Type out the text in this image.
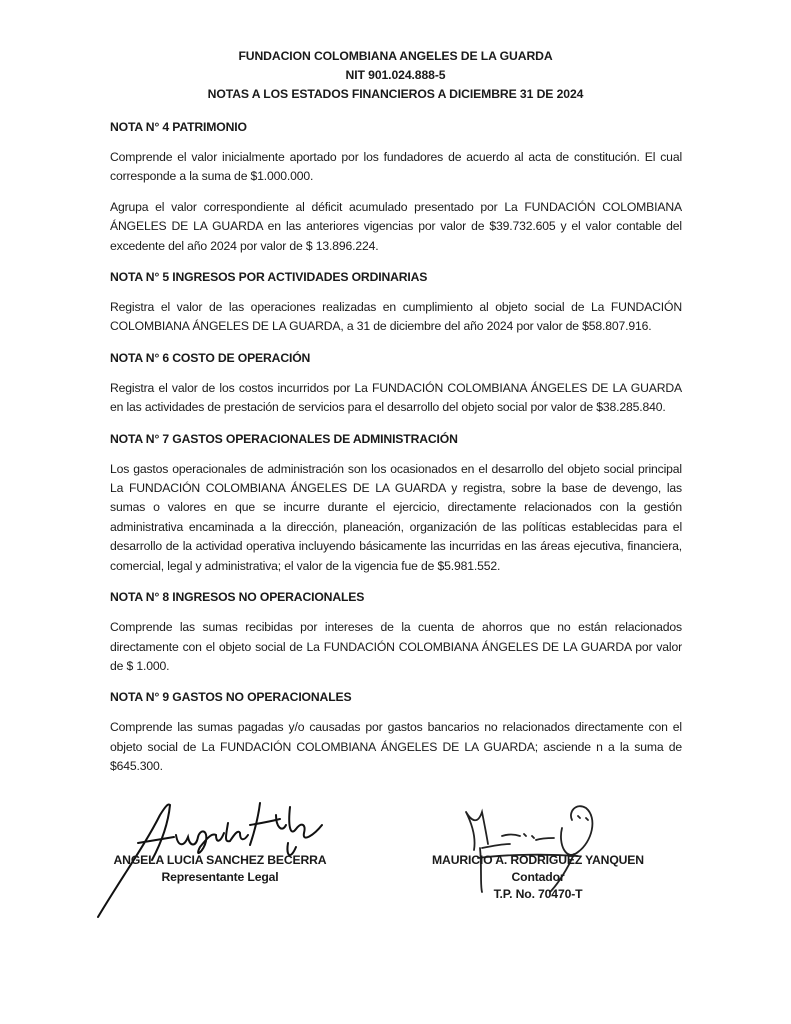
FUNDACION COLOMBIANA ANGELES DE LA GUARDA
NIT 901.024.888-5
NOTAS A LOS ESTADOS FINANCIEROS A DICIEMBRE 31 DE 2024
NOTA N° 4 PATRIMONIO

Comprende el valor inicialmente aportado por los fundadores de acuerdo al acta de constitución. El cual corresponde a la suma de $1.000.000.

Agrupa el valor correspondiente al déficit acumulado presentado por La FUNDACIÓN COLOMBIANA ÁNGELES DE LA GUARDA en las anteriores vigencias por valor de $39.732.605 y el valor contable del excedente del año 2024 por valor de $ 13.896.224.

NOTA N° 5 INGRESOS POR ACTIVIDADES ORDINARIAS

Registra el valor de las operaciones realizadas en cumplimiento al objeto social de La FUNDACIÓN COLOMBIANA ÁNGELES DE LA GUARDA, a 31 de diciembre del año 2024 por valor de $58.807.916.

NOTA N° 6 COSTO DE OPERACIÓN

Registra el valor de los costos incurridos por La FUNDACIÓN COLOMBIANA ÁNGELES DE LA GUARDA en las actividades de prestación de servicios para el desarrollo del objeto social por valor de $38.285.840.

NOTA N° 7 GASTOS OPERACIONALES DE ADMINISTRACIÓN

Los gastos operacionales de administración son los ocasionados en el desarrollo del objeto social principal La FUNDACIÓN COLOMBIANA ÁNGELES DE LA GUARDA y registra, sobre la base de devengo, las sumas o valores en que se incurre durante el ejercicio, directamente relacionados con la gestión administrativa encaminada a la dirección, planeación, organización de las políticas establecidas para el desarrollo de la actividad operativa incluyendo básicamente las incurridas en las áreas ejecutiva, financiera, comercial, legal y administrativa; el valor de la vigencia fue de $5.981.552.

NOTA N° 8 INGRESOS NO OPERACIONALES

Comprende las sumas recibidas por intereses de la cuenta de ahorros que no están relacionados directamente con el objeto social de La FUNDACIÓN COLOMBIANA ÁNGELES DE LA GUARDA por valor de $ 1.000.

NOTA N° 9 GASTOS NO OPERACIONALES

Comprende las sumas pagadas y/o causadas por gastos bancarios no relacionados directamente con el objeto social de La FUNDACIÓN COLOMBIANA ÁNGELES DE LA GUARDA; asciende n a la suma de $645.300.

ANGELA LUCIA SANCHEZ BECERRA
Representante Legal
MAURICIO A. RODRIGUEZ YANQUEN
Contador
T.P. No. 70470-T
